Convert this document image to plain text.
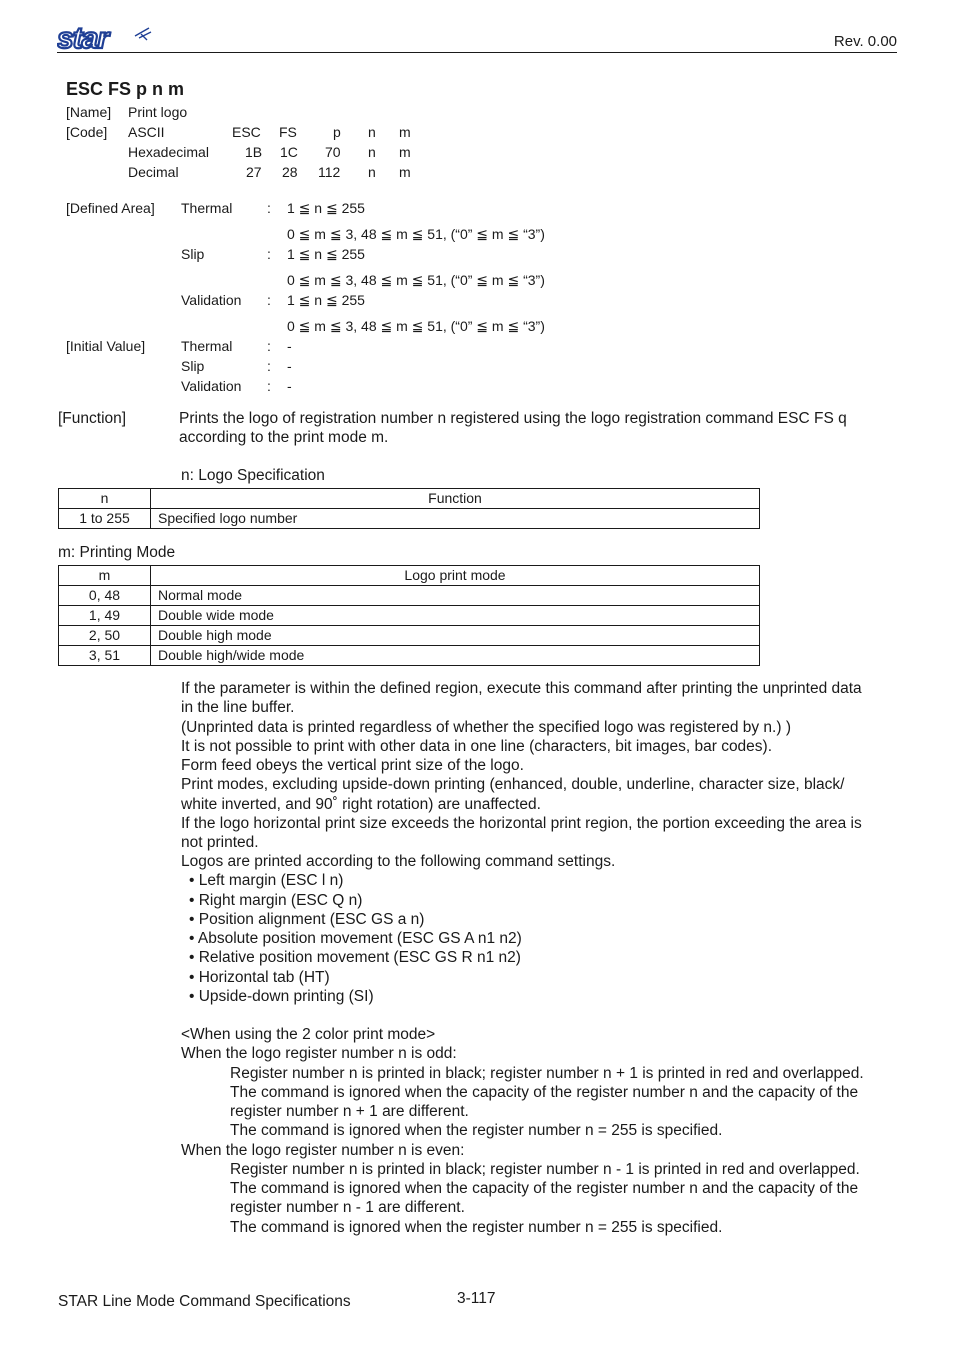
star	Rev. 0.00
ESC FS p n m
[Name] Print logo
[Code] ASCII	ESC FS	p n m
Hexadecimal	1B 1C 70 n m
Decimal	27 28 112 n m
[Defined Area] Thermal : 1 ≦ n ≦ 255
0 ≦ m ≦ 3, 48 ≦ m ≦ 51, (“0” ≦ m ≦ “3”)
Slip	: 1 ≦ n ≦ 255
0 ≦ m ≦ 3, 48 ≦ m ≦ 51, (“0” ≦ m ≦ “3”)
Validation : 1 ≦ n ≦ 255
0 ≦ m ≦ 3, 48 ≦ m ≦ 51, (“0” ≦ m ≦ “3”)
[Initial Value]	Thermal : -
Slip	: -
Validation : -
[Function]	Prints the logo of registration number n registered using the logo registration command ESC FS q
according to the print mode m.
n: Logo Specification
n	Function
1 to 255	Specified logo number
m: Printing Mode
m	Logo print mode
0, 48	Normal mode
1, 49	Double wide mode
2, 50	Double high mode
3, 51	Double high/wide mode
If the parameter is within the defined region, execute this command after printing the unprinted data
in the line buffer.
(Unprinted data is printed regardless of whether the specified logo was registered by n.) )
It is not possible to print with other data in one line (characters, bit images, bar codes).
Form feed obeys the vertical print size of the logo.
Print modes, excluding upside-down printing (enhanced, double, underline, character size, black/
white inverted, and 90˚ right rotation) are unaffected.
If the logo horizontal print size exceeds the horizontal print region, the portion exceeding the area is
not printed.
Logos are printed according to the following command settings.
• Left margin (ESC l n)
• Right margin (ESC Q n)
• Position alignment (ESC GS a n)
• Absolute position movement (ESC GS A n1 n2)
• Relative position movement (ESC GS R n1 n2)
• Horizontal tab (HT)
• Upside-down printing (SI)
<When using the 2 color print mode>
When the logo register number n is odd:
Register number n is printed in black; register number n + 1 is printed in red and overlapped.
The command is ignored when the capacity of the register number n and the capacity of the
register number n + 1 are different.
The command is ignored when the register number n = 255 is specified.
When the logo register number n is even:
Register number n is printed in black; register number n - 1 is printed in red and overlapped.
The command is ignored when the capacity of the register number n and the capacity of the
register number n - 1 are different.
The command is ignored when the register number n = 255 is specified.
STAR Line Mode Command Specifications	3-117
